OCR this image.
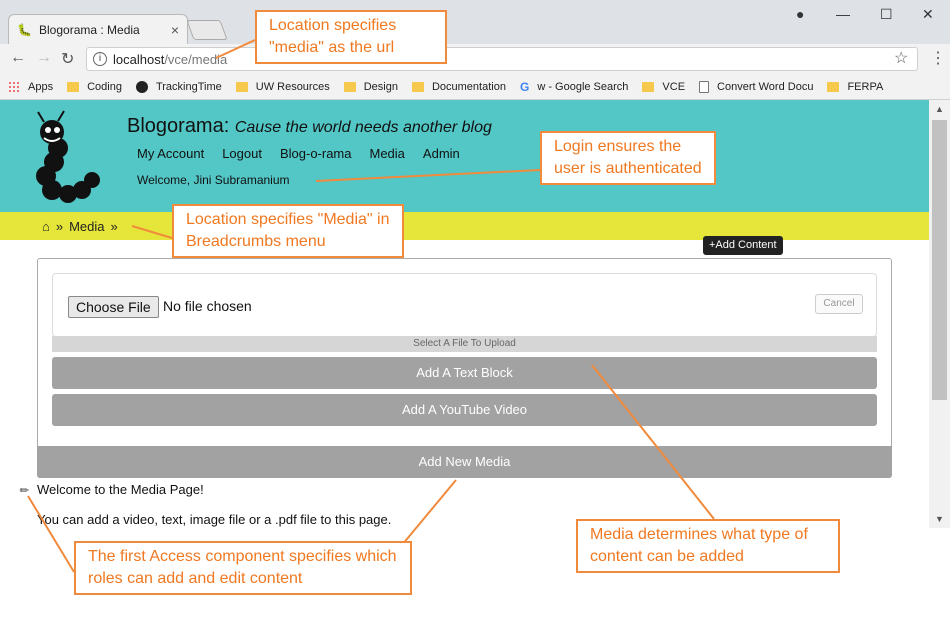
🐛 Blogorama : Media	×
● — ☐ ✕
← → ↻	i localhost /vce/media	☆ ⋮
Apps	Coding	TrackingTime	UW Resources	Design	Documentation G w - Google Search	VCE	Convert Word Docu	FERPA
Blogorama: Cause the world needs another blog
My Account Logout Blog-o-rama Media Admin
Welcome, Jini Subramanium
⌂ » Media »
+Add Content
Choose File No file chosen	Cancel
Select A File To Upload
Add A Text Block
Add A YouTube Video
Add New Media
✎ Welcome to the Media Page!
You can add a video, text, image file or a .pdf file to this page.
▲
▼
Location specifies "media" as the url
Login ensures the user is authenticated
Location specifies "Media" in Breadcrumbs menu
Media determines what type of content can be added
The first Access component specifies which roles can add and edit content
